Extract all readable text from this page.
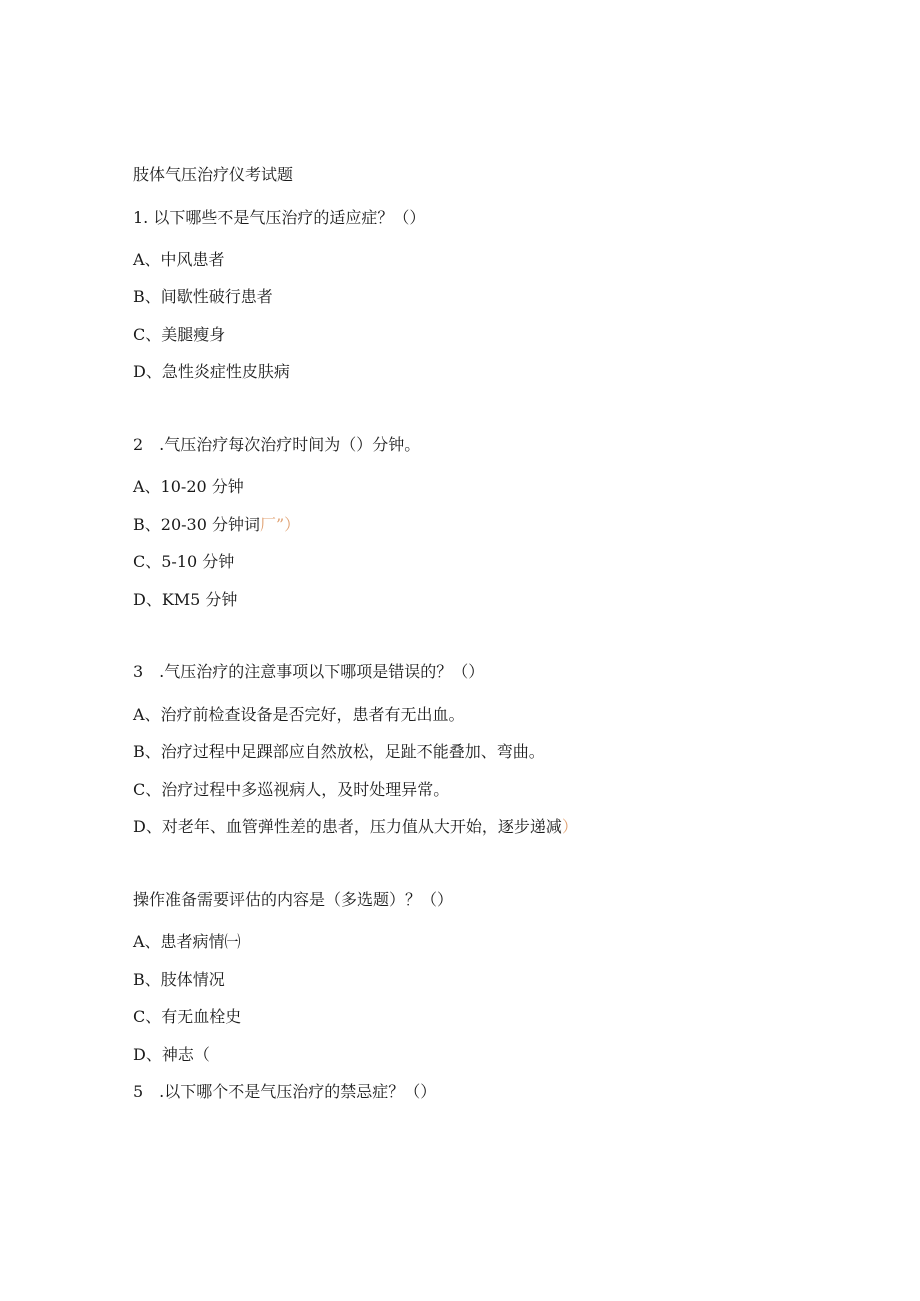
肢体气压治疗仪考试题
1. 以下哪些不是气压治疗的适应症？（）
A、中风患者
B、间歇性破行患者
C、美腿瘦身
D、急性炎症性皮肤病
2　.气压治疗每次治疗时间为（）分钟。
A、10-20 分钟
B、20-30 分钟词厂”）
C、5-10 分钟
D、KM5 分钟
3　.气压治疗的注意事项以下哪项是错误的？（）
A、治疗前检查设备是否完好，患者有无出血。
B、治疗过程中足踝部应自然放松，足趾不能叠加、弯曲。
C、治疗过程中多巡视病人，及时处理异常。
D、对老年、血管弹性差的患者，压力值从大开始，逐步递减）
操作准备需要评估的内容是（多选题）？（）
A、患者病情㈠
B、肢体情况
C、有无血栓史
D、神志（
5　.以下哪个不是气压治疗的禁忌症？（）
